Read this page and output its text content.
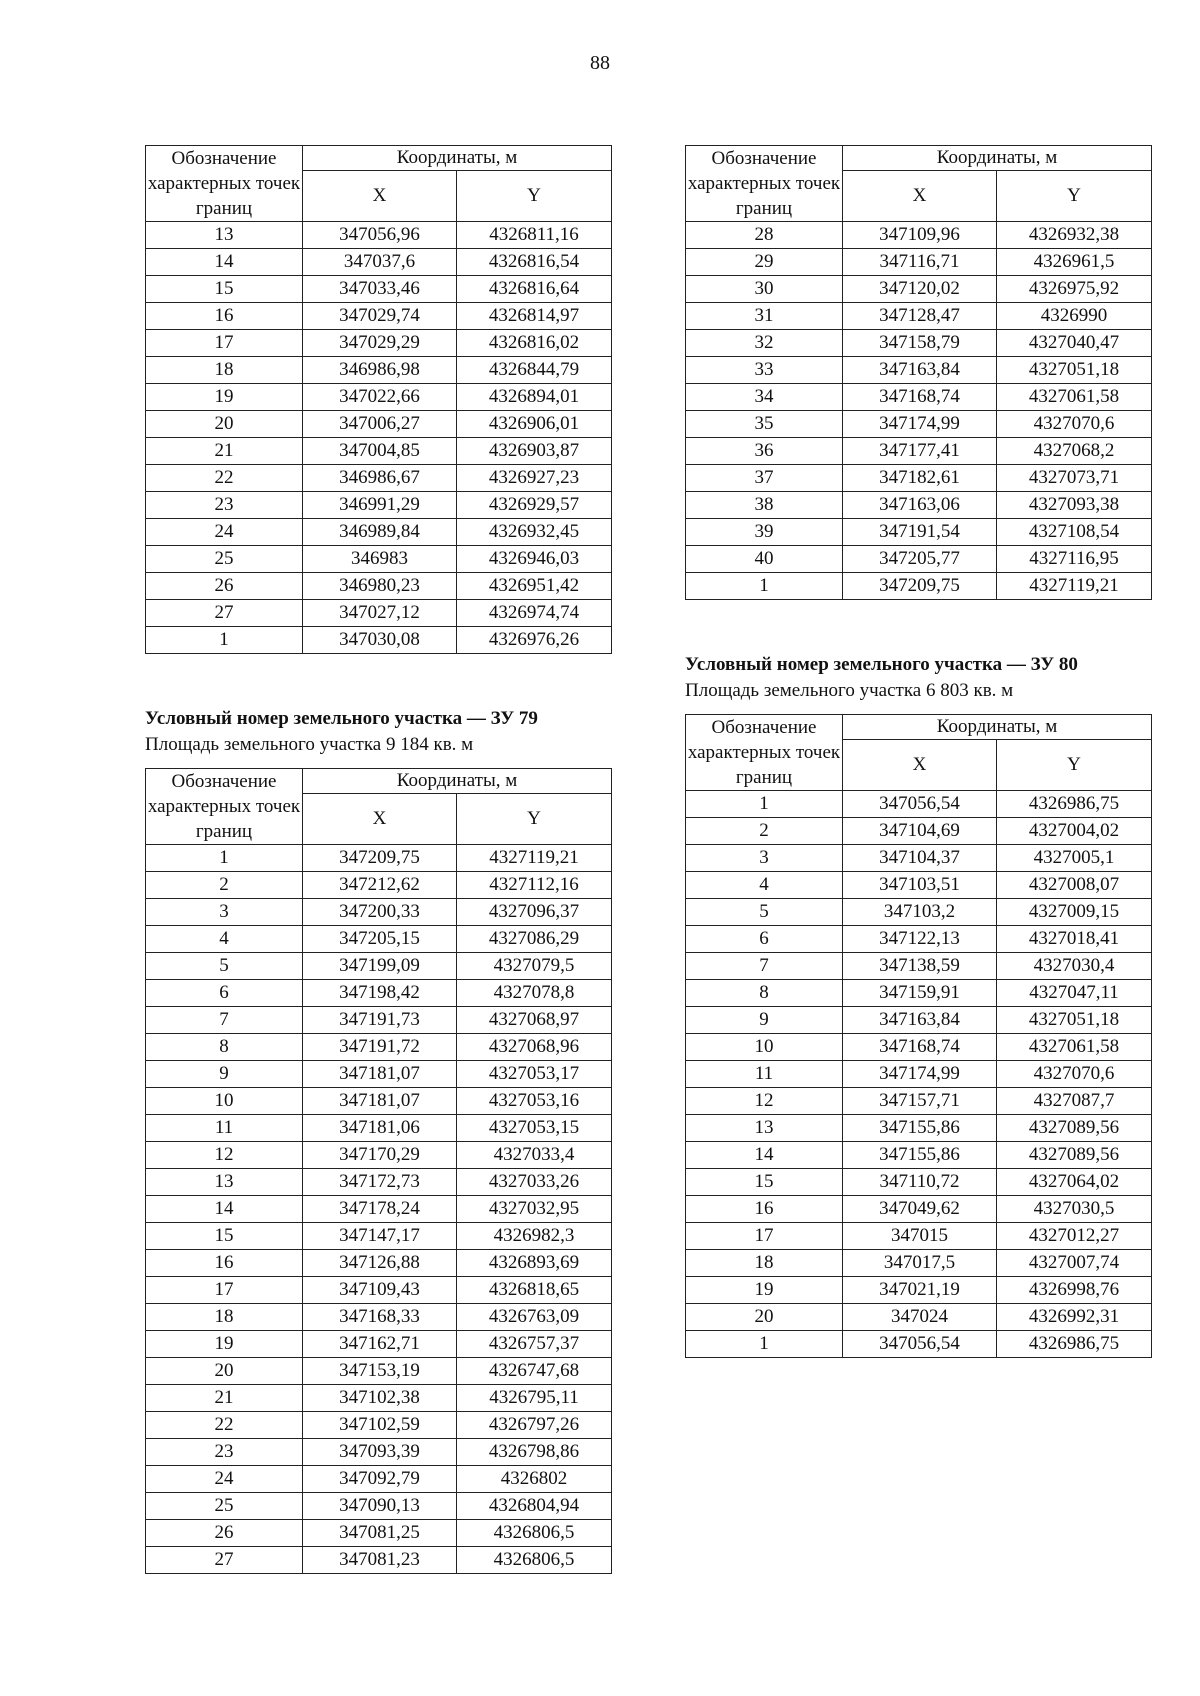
88
Обозначение характерных точек границ	Координаты, м	
	X	Y
13	347056,96	4326811,16
14	347037,6	4326816,54
15	347033,46	4326816,64
16	347029,74	4326814,97
17	347029,29	4326816,02
18	346986,98	4326844,79
19	347022,66	4326894,01
20	347006,27	4326906,01
21	347004,85	4326903,87
22	346986,67	4326927,23
23	346991,29	4326929,57
24	346989,84	4326932,45
25	346983	4326946,03
26	346980,23	4326951,42
27	347027,12	4326974,74
1	347030,08	4326976,26
Условный номер земельного участка — ЗУ 79
Площадь земельного участка 9 184 кв. м
Обозначение характерных точек границ	Координаты, м	
	X	Y
1	347209,75	4327119,21
2	347212,62	4327112,16
3	347200,33	4327096,37
4	347205,15	4327086,29
5	347199,09	4327079,5
6	347198,42	4327078,8
7	347191,73	4327068,97
8	347191,72	4327068,96
9	347181,07	4327053,17
10	347181,07	4327053,16
11	347181,06	4327053,15
12	347170,29	4327033,4
13	347172,73	4327033,26
14	347178,24	4327032,95
15	347147,17	4326982,3
16	347126,88	4326893,69
17	347109,43	4326818,65
18	347168,33	4326763,09
19	347162,71	4326757,37
20	347153,19	4326747,68
21	347102,38	4326795,11
22	347102,59	4326797,26
23	347093,39	4326798,86
24	347092,79	4326802
25	347090,13	4326804,94
26	347081,25	4326806,5
27	347081,23	4326806,5
Обозначение характерных точек границ	Координаты, м	
	X	Y
28	347109,96	4326932,38
29	347116,71	4326961,5
30	347120,02	4326975,92
31	347128,47	4326990
32	347158,79	4327040,47
33	347163,84	4327051,18
34	347168,74	4327061,58
35	347174,99	4327070,6
36	347177,41	4327068,2
37	347182,61	4327073,71
38	347163,06	4327093,38
39	347191,54	4327108,54
40	347205,77	4327116,95
1	347209,75	4327119,21
Условный номер земельного участка — ЗУ 80
Площадь земельного участка 6 803 кв. м
Обозначение характерных точек границ	Координаты, м	
	X	Y
1	347056,54	4326986,75
2	347104,69	4327004,02
3	347104,37	4327005,1
4	347103,51	4327008,07
5	347103,2	4327009,15
6	347122,13	4327018,41
7	347138,59	4327030,4
8	347159,91	4327047,11
9	347163,84	4327051,18
10	347168,74	4327061,58
11	347174,99	4327070,6
12	347157,71	4327087,7
13	347155,86	4327089,56
14	347155,86	4327089,56
15	347110,72	4327064,02
16	347049,62	4327030,5
17	347015	4327012,27
18	347017,5	4327007,74
19	347021,19	4326998,76
20	347024	4326992,31
1	347056,54	4326986,75
